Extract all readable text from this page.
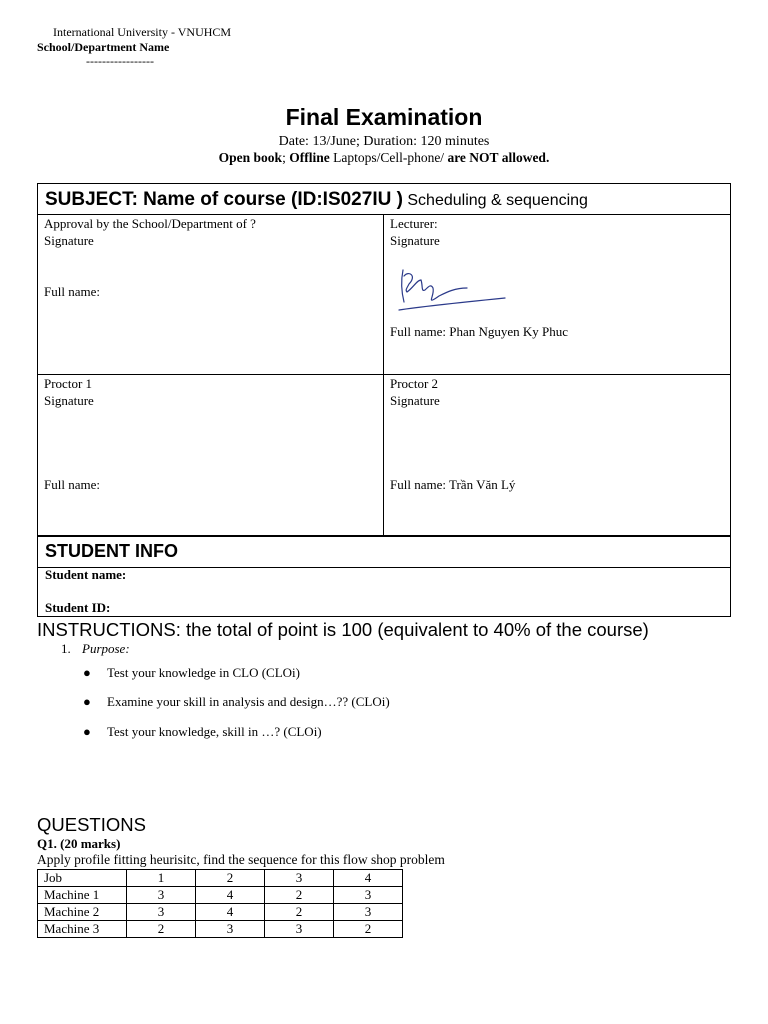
International University - VNUHCM
School/Department Name
-----------------
Final Examination
Date: 13/June; Duration: 120 minutes
Open book; Offline Laptops/Cell-phone/ are NOT allowed.
SUBJECT: Name of course (ID:IS027IU ) Scheduling & sequencing
Approval by the School/Department of ?
Signature
Full name:
Lecturer:
Signature
Full name: Phan Nguyen Ky Phuc
Proctor 1
Signature
Full name:
Proctor 2
Signature
Full name: Trần Văn Lý
STUDENT INFO
Student name:
Student ID:
INSTRUCTIONS: the total of point is 100 (equivalent to 40% of the course)
1. Purpose:
● Test your knowledge in CLO (CLOi)
● Examine your skill in analysis and design…?? (CLOi)
● Test your knowledge, skill in …? (CLOi)
QUESTIONS
Q1. (20 marks)
Apply profile fitting heurisitc, find the sequence for this flow shop problem
Job	1	2	3	4
Machine 1	3	4	2	3
Machine 2	3	4	2	3
Machine 3	2	3	3	2
